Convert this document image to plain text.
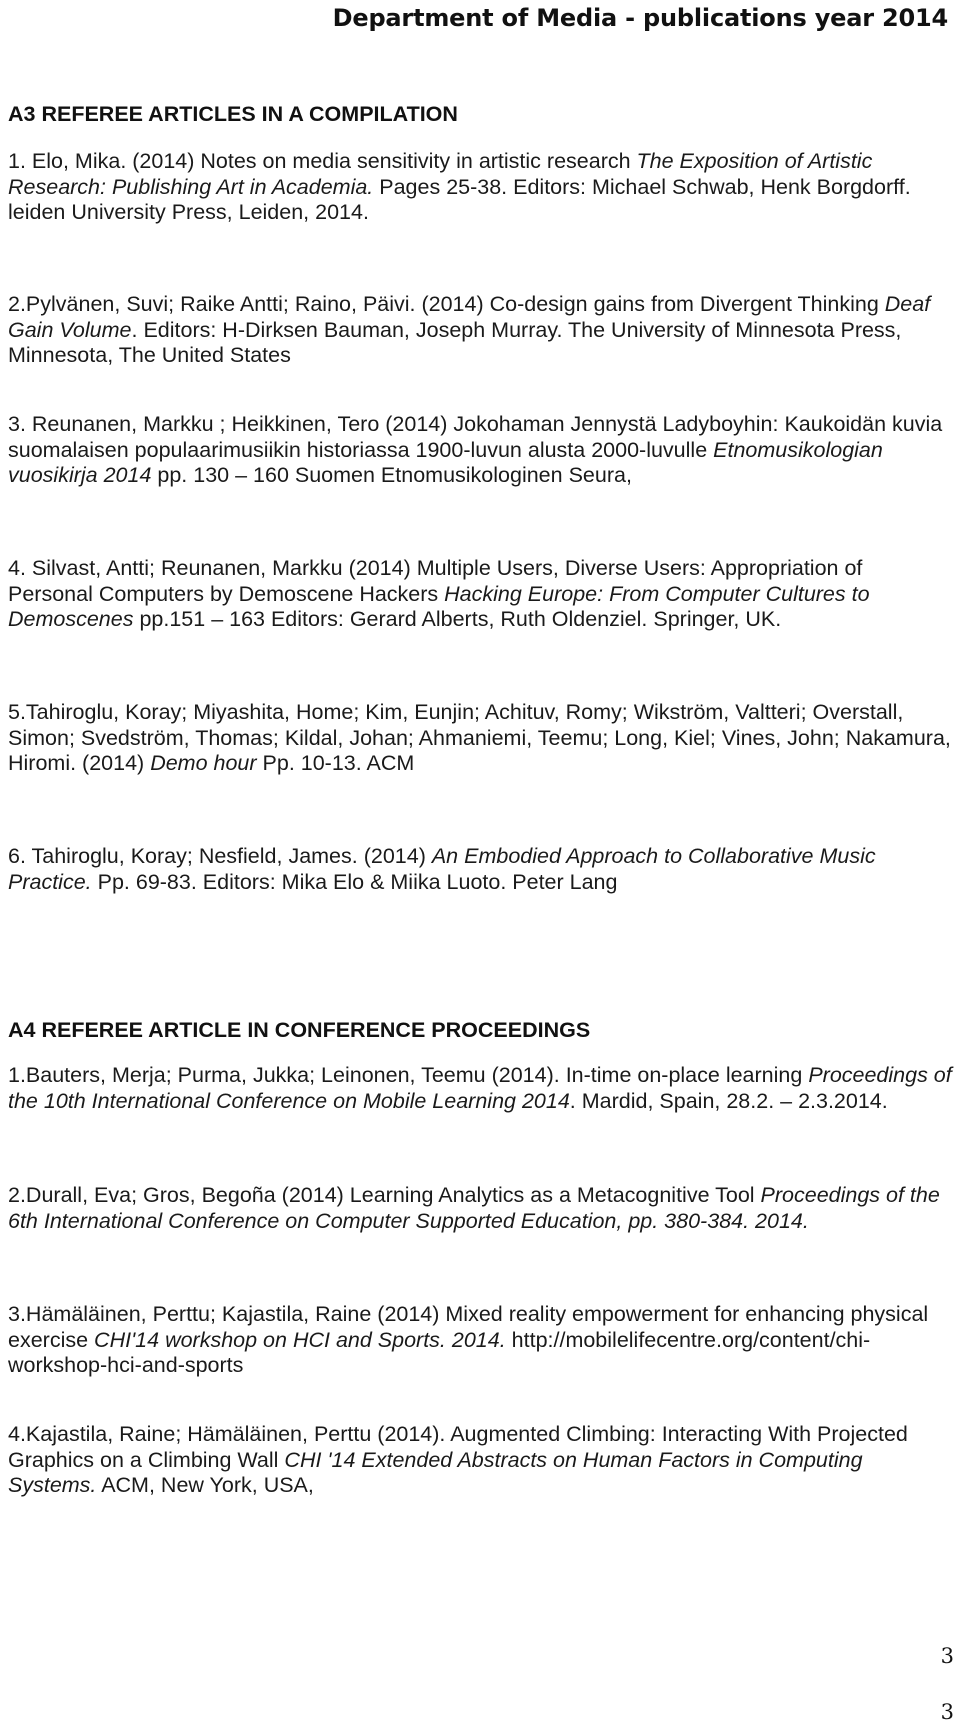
Department of Media - publications year 2014
A3 REFEREE ARTICLES IN A COMPILATION

1. Elo, Mika. (2014) Notes on media sensitivity in artistic research The Exposition of Artistic Research: Publishing Art in Academia. Pages 25-38. Editors: Michael Schwab, Henk Borgdorff. leiden University Press, Leiden, 2014.

2.Pylvänen, Suvi; Raike Antti; Raino, Päivi. (2014) Co-design gains from Divergent Thinking Deaf Gain Volume. Editors: H-Dirksen Bauman, Joseph Murray. The University of Minnesota Press, Minnesota, The United States

3. Reunanen, Markku ; Heikkinen, Tero (2014) Jokohaman Jennystä Ladyboyhin: Kaukoidän kuvia suomalaisen populaarimusiikin historiassa 1900-luvun alusta 2000-luvulle Etnomusikologian vuosikirja 2014 pp. 130 – 160 Suomen Etnomusikologinen Seura,

4. Silvast, Antti; Reunanen, Markku (2014) Multiple Users, Diverse Users: Appropriation of Personal Computers by Demoscene Hackers Hacking Europe: From Computer Cultures to Demoscenes pp.151 – 163 Editors: Gerard Alberts, Ruth Oldenziel. Springer, UK.

5.Tahiroglu, Koray; Miyashita, Home; Kim, Eunjin; Achituv, Romy; Wikström, Valtteri; Overstall, Simon; Svedström, Thomas; Kildal, Johan; Ahmaniemi, Teemu; Long, Kiel; Vines, John; Nakamura, Hiromi. (2014) Demo hour Pp. 10-13. ACM

6. Tahiroglu, Koray; Nesfield, James. (2014) An Embodied Approach to Collaborative Music Practice. Pp. 69-83. Editors: Mika Elo & Miika Luoto. Peter Lang

A4 REFEREE ARTICLE IN CONFERENCE PROCEEDINGS

1.Bauters, Merja; Purma, Jukka; Leinonen, Teemu (2014). In-time on-place learning Proceedings of the 10th International Conference on Mobile Learning 2014. Mardid, Spain, 28.2. – 2.3.2014.

2.Durall, Eva; Gros, Begoña (2014) Learning Analytics as a Metacognitive Tool Proceedings of the 6th International Conference on Computer Supported Education, pp. 380-384. 2014.

3.Hämäläinen, Perttu; Kajastila, Raine (2014) Mixed reality empowerment for enhancing physical exercise CHI'14 workshop on HCI and Sports. 2014. http://mobilelifecentre.org/content/chi-workshop-hci-and-sports

4.Kajastila, Raine; Hämäläinen, Perttu (2014). Augmented Climbing: Interacting With Projected Graphics on a Climbing Wall CHI '14 Extended Abstracts on Human Factors in Computing Systems. ACM, New York, USA,

3
3
